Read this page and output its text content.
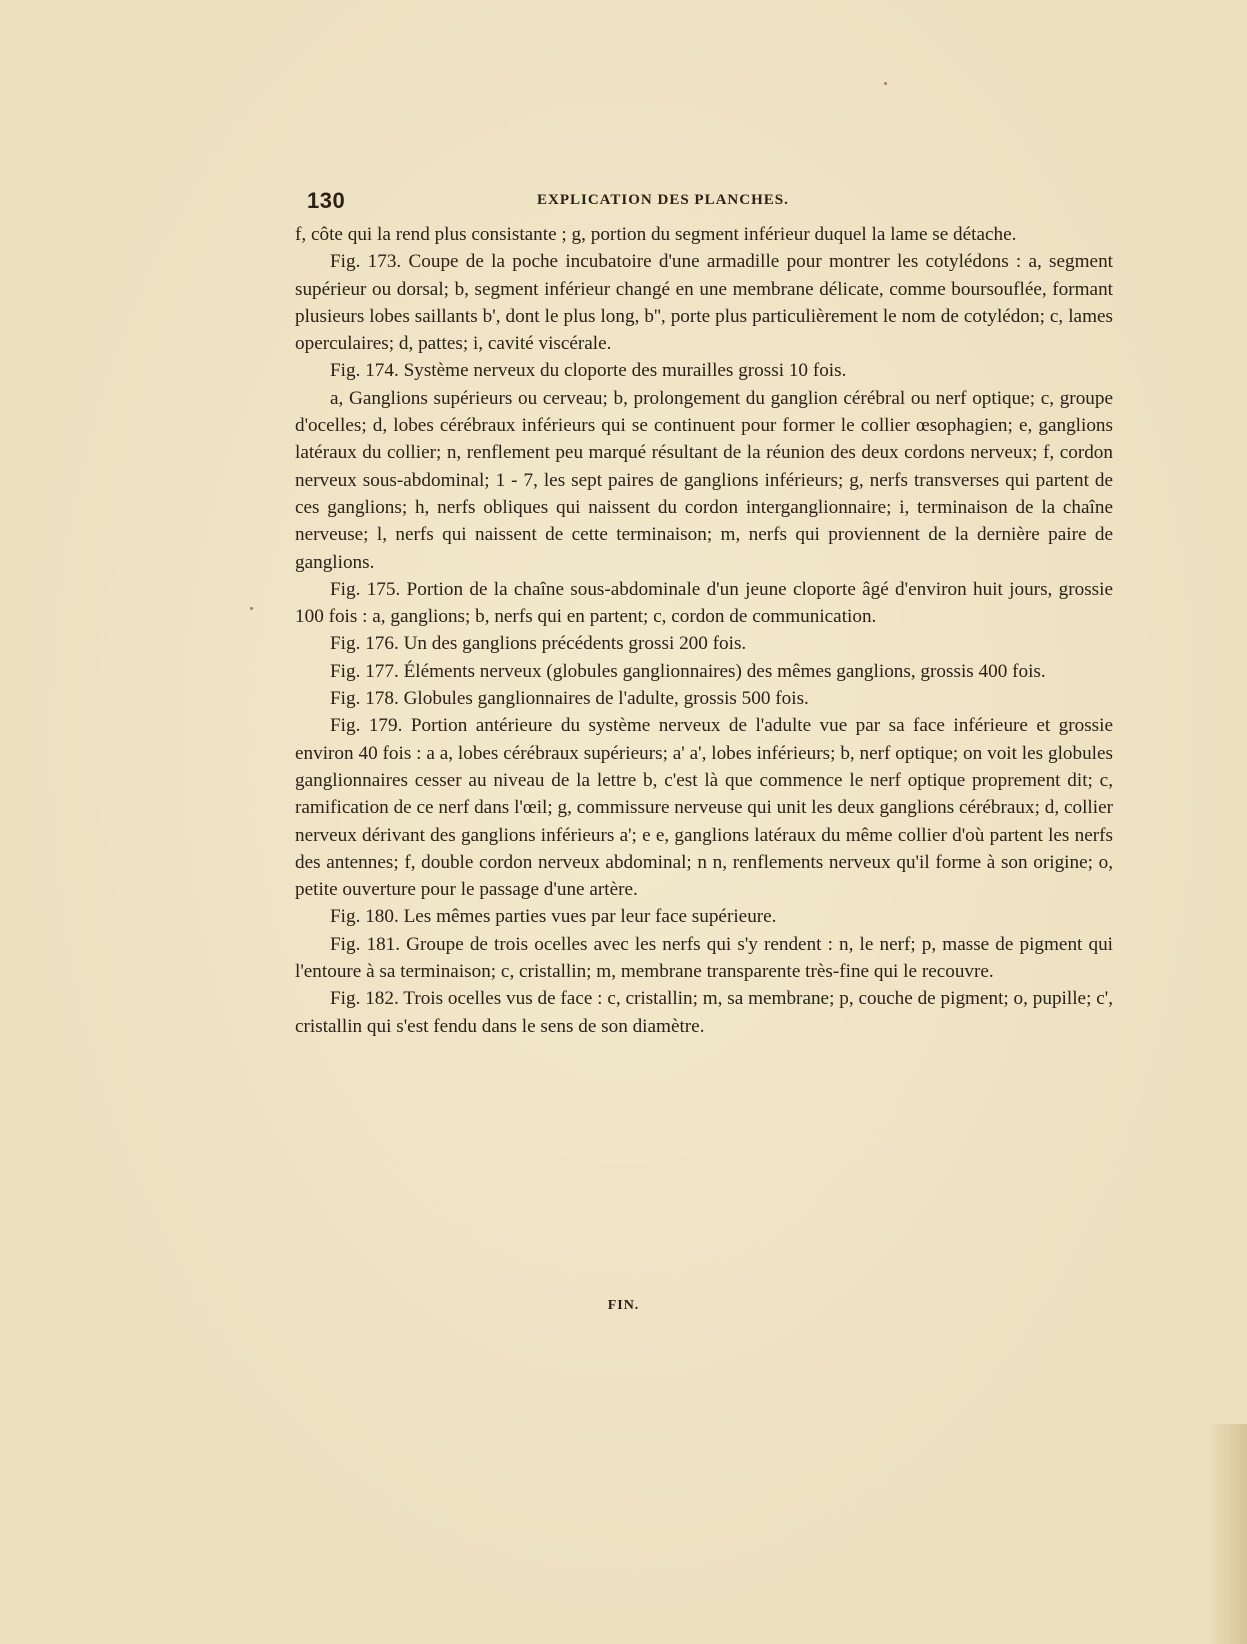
130	EXPLICATION DES PLANCHES.

f, côte qui la rend plus consistante ; g, portion du segment inférieur duquel la lame se détache.

Fig. 173. Coupe de la poche incubatoire d'une armadille pour montrer les cotylédons : a, segment supérieur ou dorsal; b, segment inférieur changé en une membrane délicate, comme boursouflée, formant plusieurs lobes saillants b', dont le plus long, b'', porte plus particulièrement le nom de cotylédon; c, lames operculaires; d, pattes; i, cavité viscérale.

Fig. 174. Système nerveux du cloporte des murailles grossi 10 fois.

a, Ganglions supérieurs ou cerveau; b, prolongement du ganglion cérébral ou nerf optique; c, groupe d'ocelles; d, lobes cérébraux inférieurs qui se continuent pour former le collier œsophagien; e, ganglions latéraux du collier; n, renflement peu marqué résultant de la réunion des deux cordons nerveux; f, cordon nerveux sous-abdominal; 1 - 7, les sept paires de ganglions inférieurs; g, nerfs transverses qui partent de ces ganglions; h, nerfs obliques qui naissent du cordon interganglionnaire; i, terminaison de la chaîne nerveuse; l, nerfs qui naissent de cette terminaison; m, nerfs qui proviennent de la dernière paire de ganglions.

Fig. 175. Portion de la chaîne sous-abdominale d'un jeune cloporte âgé d'environ huit jours, grossie 100 fois : a, ganglions; b, nerfs qui en partent; c, cordon de communication.

Fig. 176. Un des ganglions précédents grossi 200 fois.

Fig. 177. Éléments nerveux (globules ganglionnaires) des mêmes ganglions, grossis 400 fois.

Fig. 178. Globules ganglionnaires de l'adulte, grossis 500 fois.

Fig. 179. Portion antérieure du système nerveux de l'adulte vue par sa face inférieure et grossie environ 40 fois : a a, lobes cérébraux supérieurs; a' a', lobes inférieurs; b, nerf optique; on voit les globules ganglionnaires cesser au niveau de la lettre b, c'est là que commence le nerf optique proprement dit; c, ramification de ce nerf dans l'œil; g, commissure nerveuse qui unit les deux ganglions cérébraux; d, collier nerveux dérivant des ganglions inférieurs a'; e e, ganglions latéraux du même collier d'où partent les nerfs des antennes; f, double cordon nerveux abdominal; n n, renflements nerveux qu'il forme à son origine; o, petite ouverture pour le passage d'une artère.

Fig. 180. Les mêmes parties vues par leur face supérieure.

Fig. 181. Groupe de trois ocelles avec les nerfs qui s'y rendent : n, le nerf; p, masse de pigment qui l'entoure à sa terminaison; c, cristallin; m, membrane transparente très-fine qui le recouvre.

Fig. 182. Trois ocelles vus de face : c, cristallin; m, sa membrane; p, couche de pigment; o, pupille; c', cristallin qui s'est fendu dans le sens de son diamètre.

FIN.
